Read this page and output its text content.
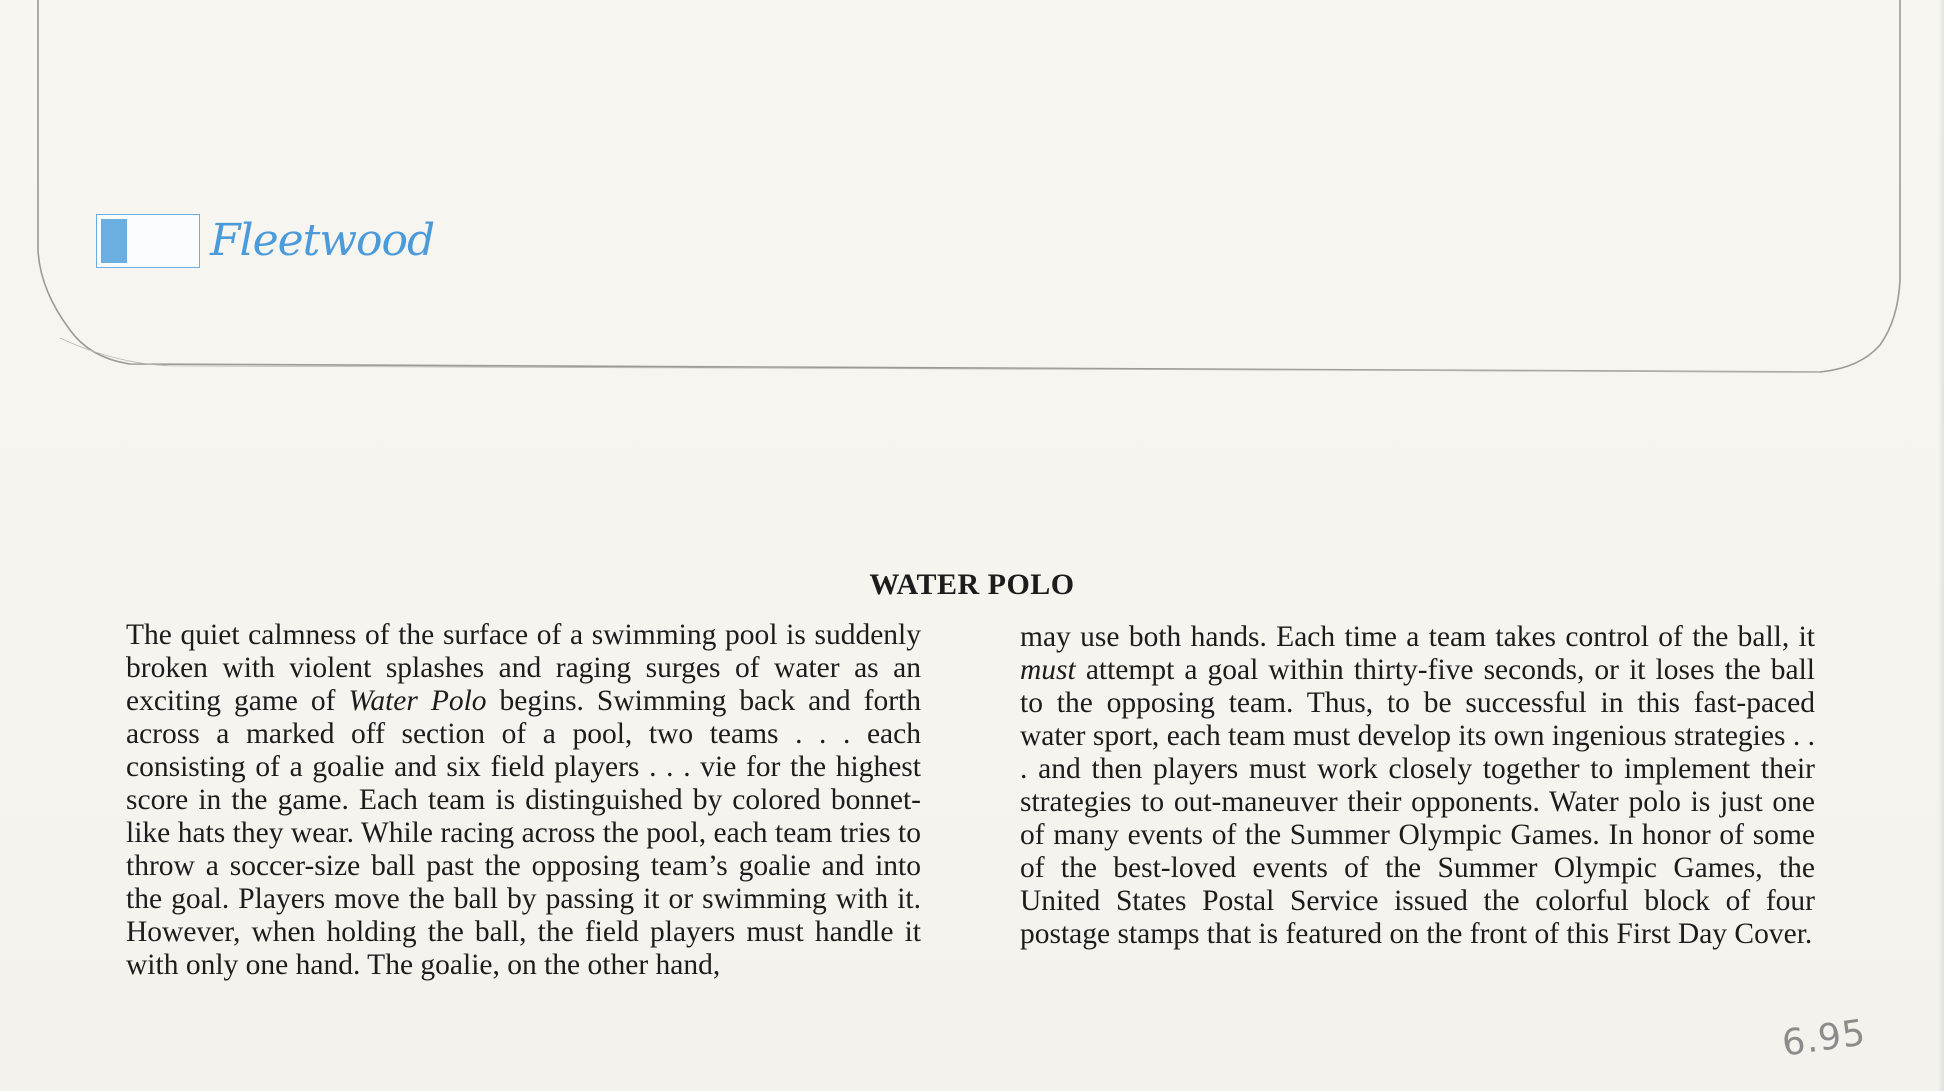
Fleetwood
WATER POLO

The quiet calmness of the surface of a swimming pool is suddenly broken with violent splashes and raging surges of water as an exciting game of Water Polo begins. Swimming back and forth across a marked off section of a pool, two teams . . . each consisting of a goalie and six field players . . . vie for the highest score in the game. Each team is distinguished by colored bonnet-like hats they wear. While racing across the pool, each team tries to throw a soccer-size ball past the opposing team’s goalie and into the goal. Players move the ball by passing it or swimming with it. However, when holding the ball, the field players must handle it with only one hand. The goalie, on the other hand,

may use both hands. Each time a team takes control of the ball, it must attempt a goal within thirty-five seconds, or it loses the ball to the opposing team. Thus, to be successful in this fast-paced water sport, each team must develop its own ingenious strategies . . . and then players must work closely together to implement their strategies to out-maneuver their opponents. Water polo is just one of many events of the Summer Olympic Games. In honor of some of the best-loved events of the Summer Olympic Games, the United States Postal Service issued the colorful block of four postage stamps that is featured on the front of this First Day Cover.

6.95
